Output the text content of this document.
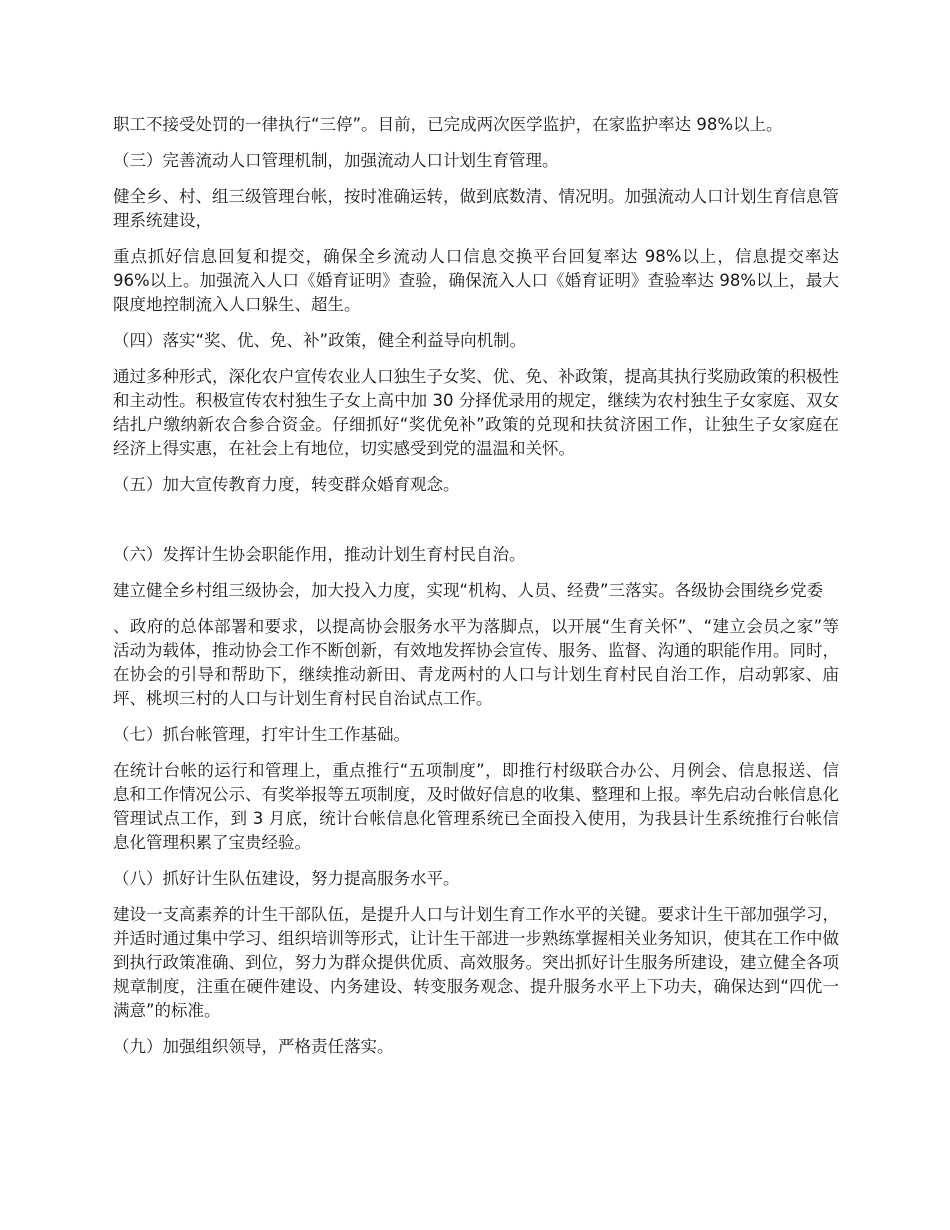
职工不接受处罚的一律执行“三停”。目前，已完成两次医学监护，在家监护率达 98%以上。

（三）完善流动人口管理机制，加强流动人口计划生育管理。

健全乡、村、组三级管理台帐，按时准确运转，做到底数清、情况明。加强流动人口计划生育信息管理系统建设，

重点抓好信息回复和提交，确保全乡流动人口信息交换平台回复率达 98%以上，信息提交率达 96%以上。加强流入人口《婚育证明》查验，确保流入人口《婚育证明》查验率达 98%以上，最大限度地控制流入人口躲生、超生。

（四）落实“奖、优、免、补”政策，健全利益导向机制。

通过多种形式，深化农户宣传农业人口独生子女奖、优、免、补政策，提高其执行奖励政策的积极性和主动性。积极宣传农村独生子女上高中加 30 分择优录用的规定，继续为农村独生子女家庭、双女结扎户缴纳新农合参合资金。仔细抓好“奖优免补”政策的兑现和扶贫济困工作，让独生子女家庭在经济上得实惠，在社会上有地位，切实感受到党的温温和关怀。

（五）加大宣传教育力度，转变群众婚育观念。

（六）发挥计生协会职能作用，推动计划生育村民自治。

建立健全乡村组三级协会，加大投入力度，实现“机构、人员、经费”三落实。各级协会围绕乡党委

、政府的总体部署和要求，以提高协会服务水平为落脚点，以开展“生育关怀”、“建立会员之家”等活动为载体，推动协会工作不断创新，有效地发挥协会宣传、服务、监督、沟通的职能作用。同时，在协会的引导和帮助下，继续推动新田、青龙两村的人口与计划生育村民自治工作，启动郭家、庙坪、桃坝三村的人口与计划生育村民自治试点工作。

（七）抓台帐管理，打牢计生工作基础。

在统计台帐的运行和管理上，重点推行“五项制度”，即推行村级联合办公、月例会、信息报送、信息和工作情况公示、有奖举报等五项制度，及时做好信息的收集、整理和上报。率先启动台帐信息化管理试点工作，到 3 月底，统计台帐信息化管理系统已全面投入使用，为我县计生系统推行台帐信息化管理积累了宝贵经验。

（八）抓好计生队伍建设，努力提高服务水平。

建设一支高素养的计生干部队伍，是提升人口与计划生育工作水平的关键。要求计生干部加强学习，并适时通过集中学习、组织培训等形式，让计生干部进一步熟练掌握相关业务知识，使其在工作中做到执行政策准确、到位，努力为群众提供优质、高效服务。突出抓好计生服务所建设，建立健全各项规章制度，注重在硬件建设、内务建设、转变服务观念、提升服务水平上下功夫，确保达到“四优一满意”的标准。

（九）加强组织领导，严格责任落实。
